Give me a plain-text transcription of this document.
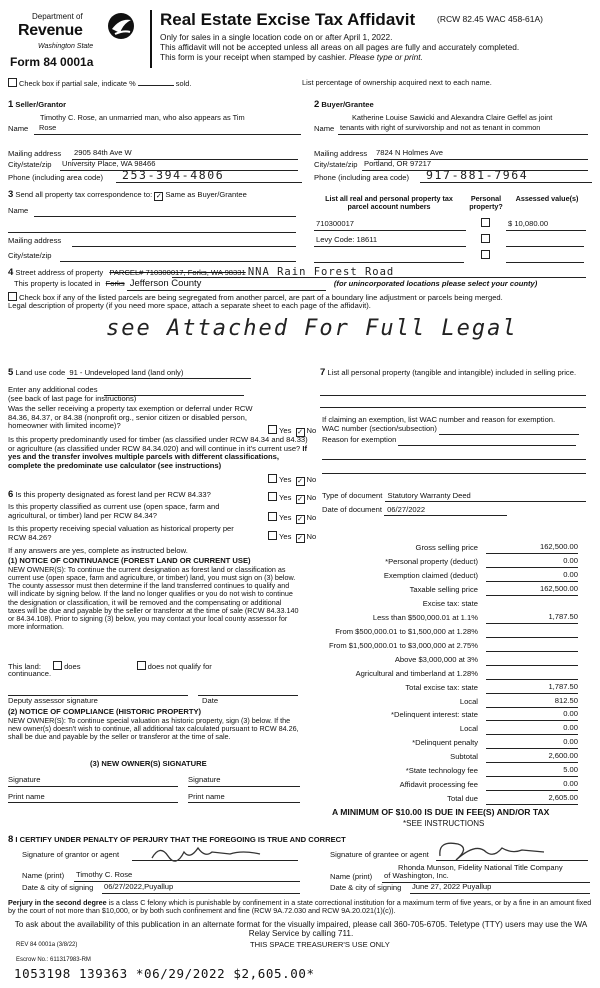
Department of
Revenue
Washington State
Form 84 0001a
Real Estate Excise Tax Affidavit	(RCW 82.45 WAC 458-61A)
Only for sales in a single location code on or after April 1, 2022.
This affidavit will not be accepted unless all areas on all pages are fully and accurately completed.
This form is your receipt when stamped by cashier. Please type or print.
Check box if partial sale, indicate %	sold.	List percentage of ownership acquired next to each name.
1 Seller/Grantor
Timothy C. Rose, an unmarried man, who also appears as Tim
Name	Rose
Mailing address 2905 84th Ave W
City/state/zip University Place, WA 98466
Phone (including area code)	253-394-4806
2 Buyer/Grantee
Katherine Louise Sawicki and Alexandra Claire Geffel as joint
Name tenants with right of survivorship and not as tenant in common
Mailing address 7824 N Holmes Ave
City/state/zip Portland, OR 97217
Phone (including area code)	917-881-7964
3 Send all property tax correspondence to: ✓ Same as Buyer/Grantee
Name
Mailing address
City/state/zip
List all real and personal property tax parcel account numbers
Personal property?
Assessed value(s)
710300017	$ 10,080.00
Levy Code: 18611
4 Street address of property PARCEL# 710300017, Forks, WA 98331 NNA Rain Forest Road
This property is located in Forks Jefferson County	(for unincorporated locations please select your county)
Check box if any of the listed parcels are being segregated from another parcel, are part of a boundary line adjustment or parcels being merged.
Legal description of property (if you need more space, attach a separate sheet to each page of the affidavit).
see Attached For Full Legal
5 Land use code 91 - Undeveloped land (land only)
Enter any additional codes
(see back of last page for instructions)
Was the seller receiving a property tax exemption or deferral under RCW 84.36, 84.37, or 84.38 (nonprofit org., senior citizen or disabled person, homeowner with limited income)?
Yes ✓ No
Is this property predominantly used for timber (as classified under RCW 84.34 and 84.33) or agriculture (as classified under RCW 84.34.020) and will continue in it's current use? If yes and the transfer involves multiple parcels with different classifications, complete the predominate use calculator (see instructions)
Yes ✓ No
7 List all personal property (tangible and intangible) included in selling price.
If claiming an exemption, list WAC number and reason for exemption.
WAC number (section/subsection)
Reason for exemption
6 Is this property designated as forest land per RCW 84.33?	Yes ✓ No
Is this property classified as current use (open space, farm and agricultural, or timber) land per RCW 84.34?	Yes ✓ No
Is this property receiving special valuation as historical property per RCW 84.26?	Yes ✓ No
If any answers are yes, complete as instructed below.
(1) NOTICE OF CONTINUANCE (FOREST LAND OR CURRENT USE)
NEW OWNER(S): To continue the current designation as forest land or classification as current use (open space, farm and agriculture, or timber) land, you must sign on (3) below. The county assessor must then determine if the land transferred continues to qualify and will indicate by signing below. If the land no longer qualifies or you do not wish to continue the designation or classification, it will be removed and the compensating or additional taxes will be due and payable by the seller or transferor at the time of sale (RCW 84.33.140 or 84.34.108). Prior to signing (3) below, you may contact your local county assessor for more information.
This land:	does	does not qualify for
continuance.
Deputy assessor signature	Date
(2) NOTICE OF COMPLIANCE (HISTORIC PROPERTY)
NEW OWNER(S): To continue special valuation as historic property, sign (3) below. If the new owner(s) doesn't wish to continue, all additional tax calculated pursuant to RCW 84.26, shall be due and payable by the seller or transferor at the time of sale.
(3) NEW OWNER(S) SIGNATURE
Signature	Signature
Print name	Print name
Type of document Statutory Warranty Deed
Date of document 06/27/2022
Gross selling price	162,500.00
*Personal property (deduct)	0.00
Exemption claimed (deduct)	0.00
Taxable selling price	162,500.00
Excise tax: state
Less than $500,000.01 at 1.1%	1,787.50
From $500,000.01 to $1,500,000 at 1.28%
From $1,500,000.01 to $3,000,000 at 2.75%
Above $3,000,000 at 3%
Agricultural and timberland at 1.28%
Total excise tax: state	1,787.50
Local	812.50
*Delinquent interest: state	0.00
Local	0.00
*Delinquent penalty	0.00
Subtotal	2,600.00
*State technology fee	5.00
Affidavit processing fee	0.00
Total due	2,605.00
A MINIMUM OF $10.00 IS DUE IN FEE(S) AND/OR TAX
*SEE INSTRUCTIONS
8 I CERTIFY UNDER PENALTY OF PERJURY THAT THE FOREGOING IS TRUE AND CORRECT
Signature of grantor or agent
Name (print) Timothy C. Rose
Date & city of signing 06/27/2022,Puyallup
Signature of grantee or agent
Rhonda Munson, Fidelity National Title Company
Name (print) of Washington, Inc.
Date & city of signing June 27, 2022 Puyallup
Perjury in the second degree is a class C felony which is punishable by confinement in a state correctional institution for a maximum term of five years, or by a fine in an amount fixed by the court of not more than $10,000, or by both such confinement and fine (RCW 9A.72.030 and RCW 9A.20.021(1)(c)).
To ask about the availability of this publication in an alternate format for the visually impaired, please call 360-705-6705. Teletype (TTY) users may use the WA Relay Service by calling 711.
REV 84 0001a (3/8/22)	THIS SPACE TREASURER'S USE ONLY
Escrow No.: 611317983-RM
1053198 139363 *06/29/2022 $2,605.00*
